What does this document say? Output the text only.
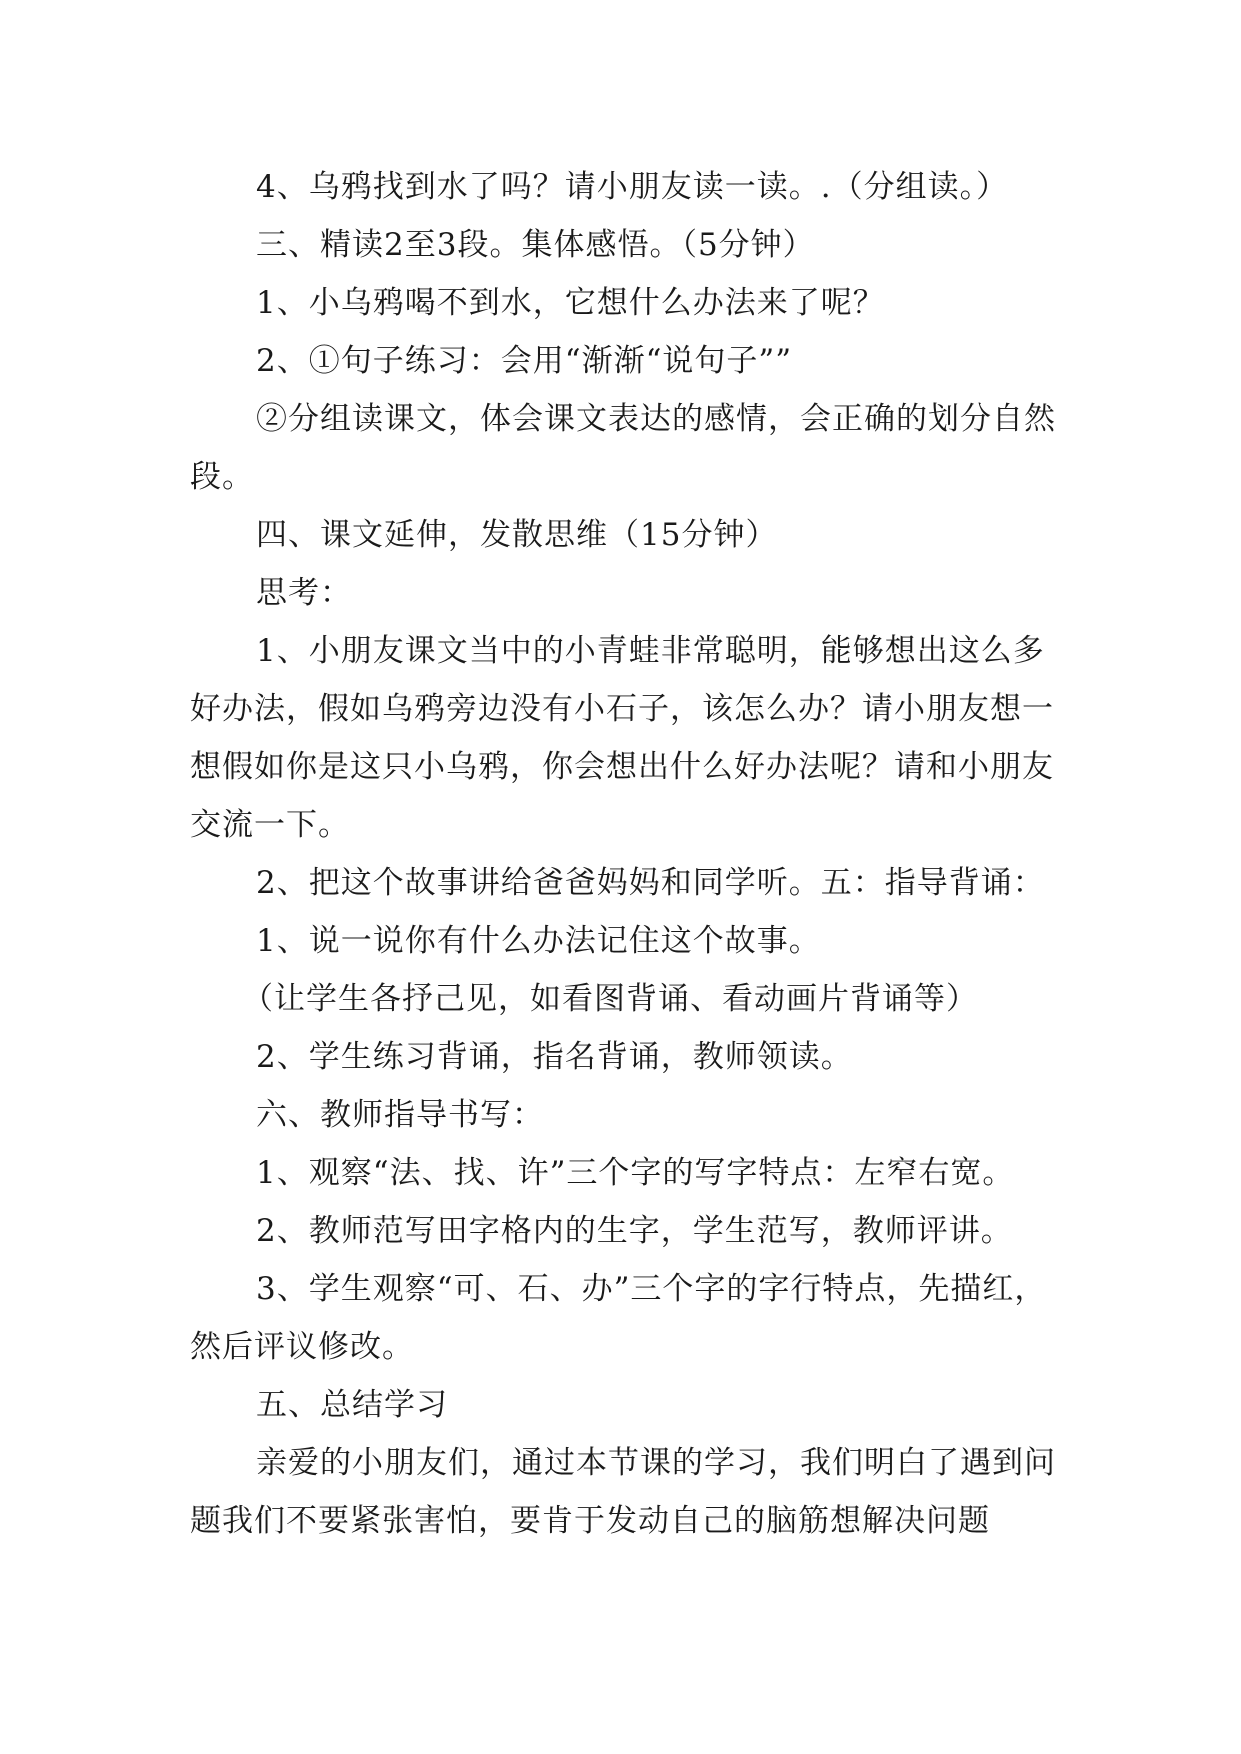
4、乌鸦找到水了吗？请小朋友读一读。.（分组读。）

三、精读2至3段。集体感悟。（5分钟）

1、小乌鸦喝不到水，它想什么办法来了呢？

2、①句子练习：会用“渐渐“说句子””

②分组读课文，体会课文表达的感情，会正确的划分自然段。

四、课文延伸，发散思维（15分钟）

思考：

1、小朋友课文当中的小青蛙非常聪明，能够想出这么多好办法，假如乌鸦旁边没有小石子，该怎么办？请小朋友想一想假如你是这只小乌鸦，你会想出什么好办法呢？请和小朋友交流一下。

2、把这个故事讲给爸爸妈妈和同学听。五：指导背诵：

1、说一说你有什么办法记住这个故事。

（让学生各抒己见，如看图背诵、看动画片背诵等）

2、学生练习背诵，指名背诵，教师领读。

六、教师指导书写：

1、观察“法、找、许”三个字的写字特点：左窄右宽。

2、教师范写田字格内的生字，学生范写，教师评讲。

3、学生观察“可、石、办”三个字的字行特点，先描红，然后评议修改。

五、总结学习

亲爱的小朋友们，通过本节课的学习，我们明白了遇到问题我们不要紧张害怕，要肯于发动自己的脑筋想解决问题
